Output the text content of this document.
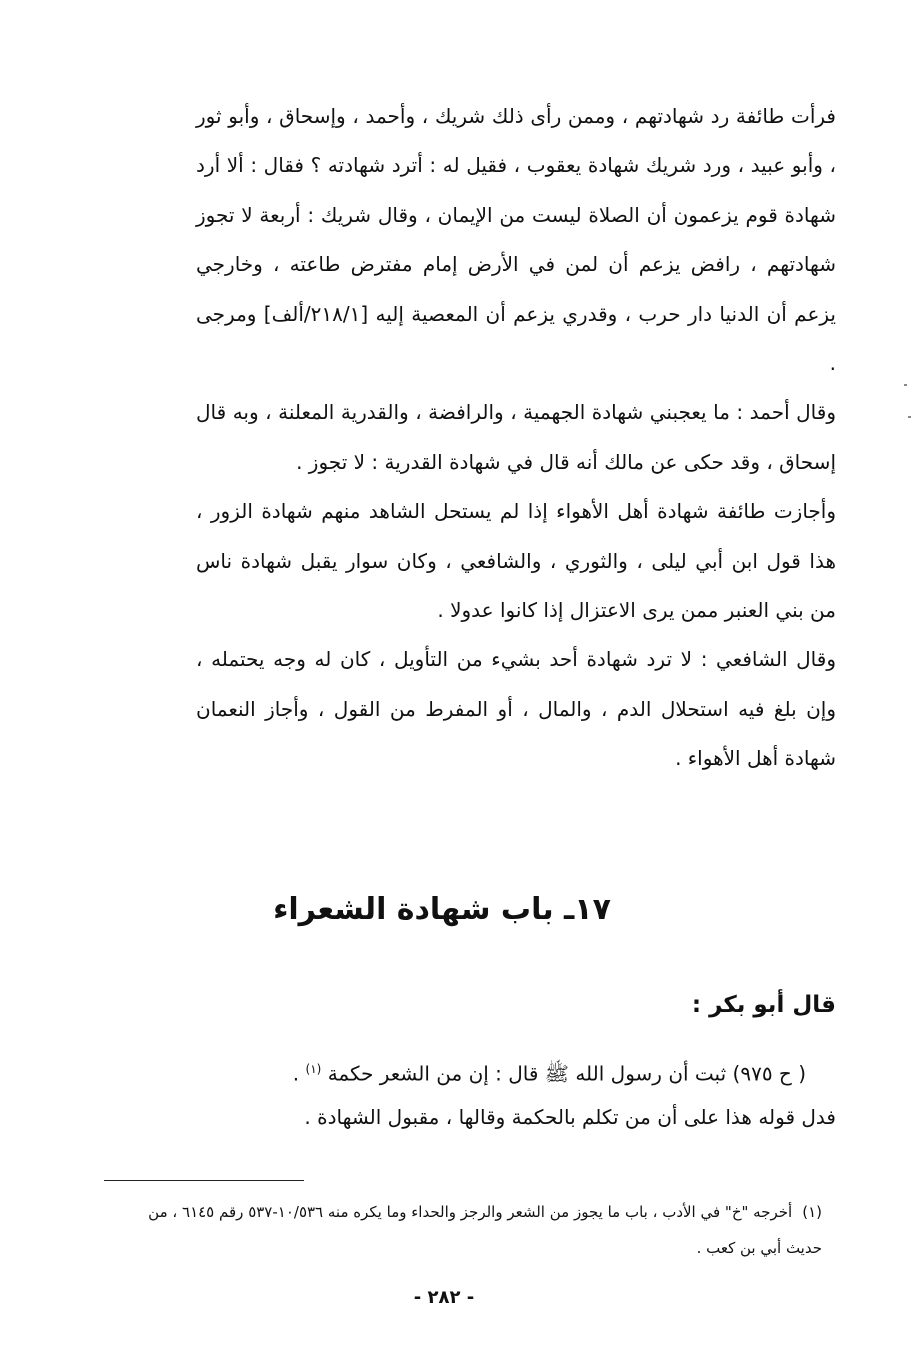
فرأت طائفة رد شهادتهم ، وممن رأى ذلك شريك ، وأحمد ، وإسحاق ، وأبو ثور ، وأبو عبيد ، ورد شريك شهادة يعقوب ، فقيل له : أترد شهادته ؟ فقال : ألا أرد شهادة قوم يزعمون أن الصلاة ليست من الإيمان ، وقال شريك : أربعة لا تجوز شهادتهم ، رافض يزعم أن لمن في الأرض إمام مفترض طاعته ، وخارجي يزعم أن الدنيا دار حرب ، وقدري يزعم أن المعصية إليه [٢١٨/١/ألف] ومرجى .

وقال أحمد : ما يعجبني شهادة الجهمية ، والرافضة ، والقدرية المعلنة ، وبه قال إسحاق ، وقد حكى عن مالك أنه قال في شهادة القدرية : لا تجوز .

وأجازت طائفة شهادة أهل الأهواء إذا لم يستحل الشاهد منهم شهادة الزور ، هذا قول ابن أبي ليلى ، والثوري ، والشافعي ، وكان سوار يقبل شهادة ناس من بني العنبر ممن يرى الاعتزال إذا كانوا عدولا .

وقال الشافعي : لا ترد شهادة أحد بشيء من التأويل ، كان له وجه يحتمله ، وإن بلغ فيه استحلال الدم ، والمال ، أو المفرط من القول ، وأجاز النعمان شهادة أهل الأهواء .

١٧ـ باب شهادة الشعراء
قال أبو بكر :
( ح ٩٧٥) ثبت أن رسول الله ﷺ قال : إن من الشعر حكمة $^{(١)}$ .
فدل قوله هذا على أن من تكلم بالحكمة وقالها ، مقبول الشهادة .
(١)أخرجه "خ" في الأدب ، باب ما يجوز من الشعر والرجز والحداء وما يكره منه ١٠/٥٣٦-٥٣٧ رقم ٦١٤٥ ، من حديث أبي بن كعب .
- ٢٨٢ -
